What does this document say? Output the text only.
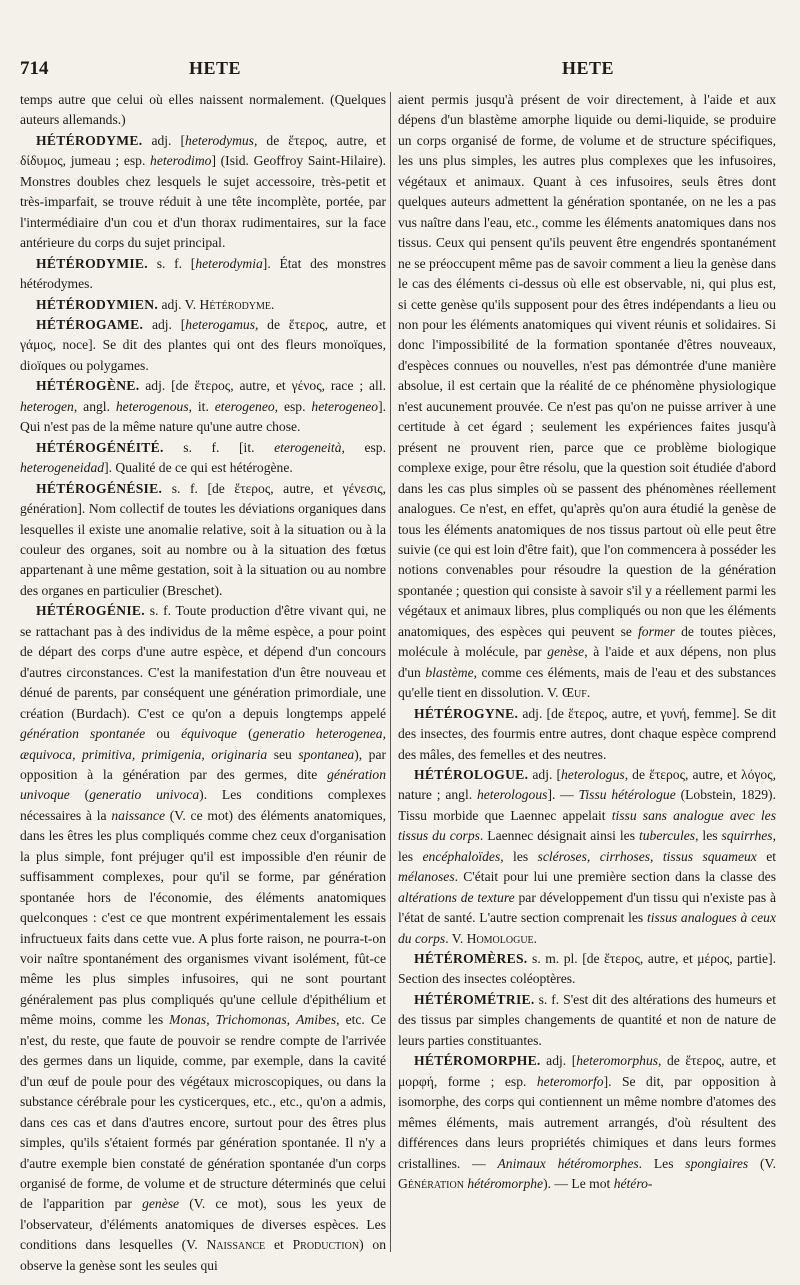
714	HETE	HETE

temps autre que celui où elles naissent normalement. (Quelques auteurs allemands.)

HÉTÉRODYME. adj. [heterodymus, de ἕτερος, autre, et δίδυμος, jumeau ; esp. heterodimo] (Isid. Geoffroy Saint-Hilaire). Monstres doubles chez lesquels le sujet accessoire, très-petit et très-imparfait, se trouve réduit à une tête incomplète, portée, par l'intermédiaire d'un cou et d'un thorax rudimentaires, sur la face antérieure du corps du sujet principal.

HÉTÉRODYMIE. s. f. [heterodymia]. État des monstres hétérodymes.

HÉTÉRODYMIEN. adj. V. Hétérodyme.

HÉTÉROGAME. adj. [heterogamus, de ἕτερος, autre, et γάμος, noce]. Se dit des plantes qui ont des fleurs monoïques, dioïques ou polygames.

HÉTÉROGÈNE. adj. [de ἕτερος, autre, et γένος, race ; all. heterogen, angl. heterogenous, it. eterogeneo, esp. heterogeneo]. Qui n'est pas de la même nature qu'une autre chose.

HÉTÉROGÉNÉITÉ. s. f. [it. eterogeneità, esp. heterogeneidad]. Qualité de ce qui est hétérogène.

HÉTÉROGÉNÉSIE. s. f. [de ἕτερος, autre, et γένεσις, génération]. Nom collectif de toutes les déviations organiques dans lesquelles il existe une anomalie relative, soit à la situation ou à la couleur des organes, soit au nombre ou à la situation des fœtus appartenant à une même gestation, soit à la situation ou au nombre des organes en particulier (Breschet).

HÉTÉROGÉNIE. s. f. Toute production d'être vivant qui, ne se rattachant pas à des individus de la même espèce, a pour point de départ des corps d'une autre espèce, et dépend d'un concours d'autres circonstances. C'est la manifestation d'un être nouveau et dénué de parents, par conséquent une génération primordiale, une création (Burdach). C'est ce qu'on a depuis longtemps appelé génération spontanée ou équivoque (generatio heterogenea, æquivoca, primitiva, primigenia, originaria seu spontanea), par opposition à la génération par des germes, dite génération univoque (generatio univoca). Les conditions complexes nécessaires à la naissance (V. ce mot) des éléments anatomiques, dans les êtres les plus compliqués comme chez ceux d'organisation la plus simple, font préjuger qu'il est impossible d'en réunir de suffisamment complexes, pour qu'il se forme, par génération spontanée hors de l'économie, des éléments anatomiques quelconques : c'est ce que montrent expérimentalement les essais infructueux faits dans cette vue. A plus forte raison, ne pourra-t-on voir naître spontanément des organismes vivant isolément, fût-ce même les plus simples infusoires, qui ne sont pourtant généralement pas plus compliqués qu'une cellule d'épithélium et même moins, comme les Monas, Trichomonas, Amibes, etc. Ce n'est, du reste, que faute de pouvoir se rendre compte de l'arrivée des germes dans un liquide, comme, par exemple, dans la cavité d'un œuf de poule pour des végétaux microscopiques, ou dans la substance cérébrale pour les cysticerques, etc., etc., qu'on a admis, dans ces cas et dans d'autres encore, surtout pour des êtres plus simples, qu'ils s'étaient formés par génération spontanée. Il n'y a d'autre exemple bien constaté de génération spontanée d'un corps organisé de forme, de volume et de structure déterminés que celui de l'apparition par genèse (V. ce mot), sous les yeux de l'observateur, d'éléments anatomiques de diverses espèces. Les conditions dans lesquelles (V. Naissance et Production) on observe la genèse sont les seules qui

aient permis jusqu'à présent de voir directement, à l'aide et aux dépens d'un blastème amorphe liquide ou demi-liquide, se produire un corps organisé de forme, de volume et de structure spécifiques, les uns plus simples, les autres plus complexes que les infusoires, végétaux et animaux. Quant à ces infusoires, seuls êtres dont quelques auteurs admettent la génération spontanée, on ne les a pas vus naître dans l'eau, etc., comme les éléments anatomiques dans nos tissus. Ceux qui pensent qu'ils peuvent être engendrés spontanément ne se préoccupent même pas de savoir comment a lieu la genèse dans le cas des éléments ci-dessus où elle est observable, ni, qui plus est, si cette genèse qu'ils supposent pour des êtres indépendants a lieu ou non pour les éléments anatomiques qui vivent réunis et solidaires. Si donc l'impossibilité de la formation spontanée d'êtres nouveaux, d'espèces connues ou nouvelles, n'est pas démontrée d'une manière absolue, il est certain que la réalité de ce phénomène physiologique n'est aucunement prouvée. Ce n'est pas qu'on ne puisse arriver à une certitude à cet égard ; seulement les expériences faites jusqu'à présent ne prouvent rien, parce que ce problème biologique complexe exige, pour être résolu, que la question soit étudiée d'abord dans les cas plus simples où se passent des phénomènes réellement analogues. Ce n'est, en effet, qu'après qu'on aura étudié la genèse de tous les éléments anatomiques de nos tissus partout où elle peut être suivie (ce qui est loin d'être fait), que l'on commencera à posséder les notions convenables pour résoudre la question de la génération spontanée ; question qui consiste à savoir s'il y a réellement parmi les végétaux et animaux libres, plus compliqués ou non que les éléments anatomiques, des espèces qui peuvent se former de toutes pièces, molécule à molécule, par genèse, à l'aide et aux dépens, non plus d'un blastème, comme ces éléments, mais de l'eau et des substances qu'elle tient en dissolution. V. Œuf.

HÉTÉROGYNE. adj. [de ἕτερος, autre, et γυνή, femme]. Se dit des insectes, des fourmis entre autres, dont chaque espèce comprend des mâles, des femelles et des neutres.

HÉTÉROLOGUE. adj. [heterologus, de ἕτερος, autre, et λόγος, nature ; angl. heterologous]. — Tissu hétérologue (Lobstein, 1829). Tissu morbide que Laennec appelait tissu sans analogue avec les tissus du corps. Laennec désignait ainsi les tubercules, les squirrhes, les encéphaloïdes, les scléroses, cirrhoses, tissus squameux et mélanoses. C'était pour lui une première section dans la classe des altérations de texture par développement d'un tissu qui n'existe pas à l'état de santé. L'autre section comprenait les tissus analogues à ceux du corps. V. Homologue.

HÉTÉROMÈRES. s. m. pl. [de ἕτερος, autre, et μέρος, partie]. Section des insectes coléoptères.

HÉTÉROMÉTRIE. s. f. S'est dit des altérations des humeurs et des tissus par simples changements de quantité et non de nature de leurs parties constituantes.

HÉTÉROMORPHE. adj. [heteromorphus, de ἕτερος, autre, et μορφή, forme ; esp. heteromorfo]. Se dit, par opposition à isomorphe, des corps qui contiennent un même nombre d'atomes des mêmes éléments, mais autrement arrangés, d'où résultent des différences dans leurs propriétés chimiques et dans leurs formes cristallines. — Animaux hétéromorphes. Les spongiaires (V. Génération hétéromorphe). — Le mot hétéro-
